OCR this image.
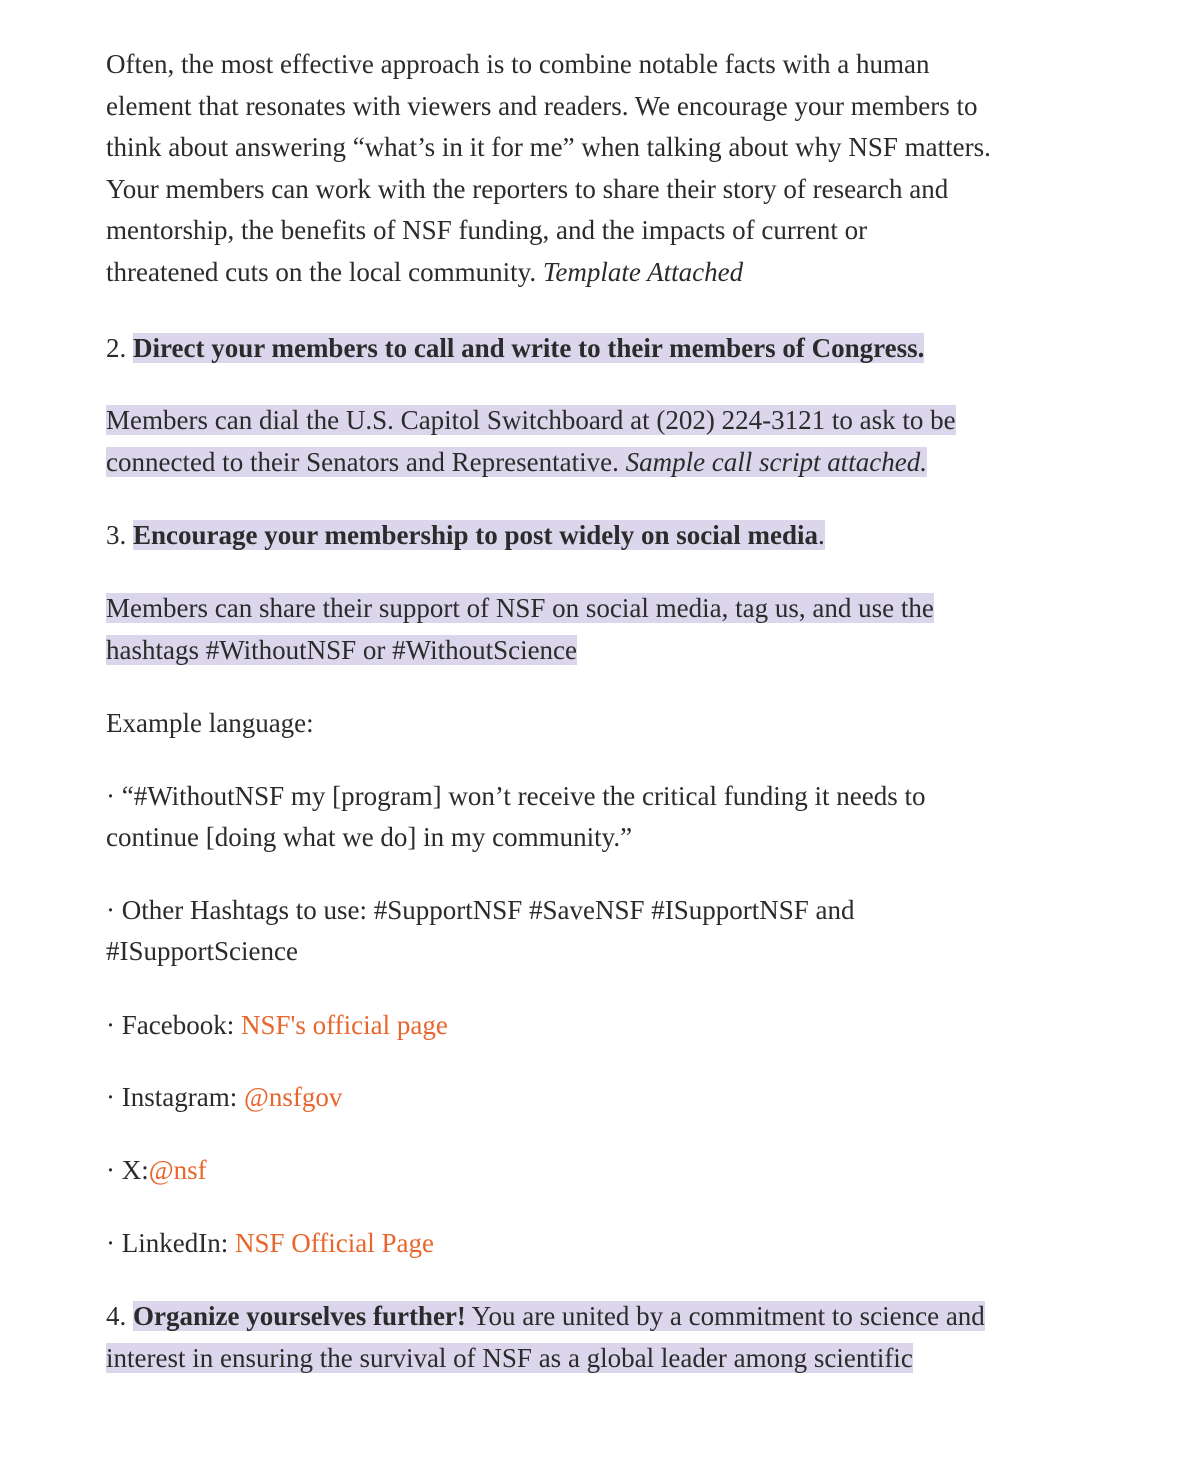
Often, the most effective approach is to combine notable facts with a human
element that resonates with viewers and readers. We encourage your members to
think about answering “what’s in it for me” when talking about why NSF matters.
Your members can work with the reporters to share their story of research and
mentorship, the benefits of NSF funding, and the impacts of current or
threatened cuts on the local community. Template Attached
2. Direct your members to call and write to their members of Congress.
Members can dial the U.S. Capitol Switchboard at (202) 224-3121 to ask to be
connected to their Senators and Representative. Sample call script attached.
3. Encourage your membership to post widely on social media.
Members can share their support of NSF on social media, tag us, and use the
hashtags #WithoutNSF or #WithoutScience
Example language:
· “#WithoutNSF my [program] won’t receive the critical funding it needs to
continue [doing what we do] in my community.”
· Other Hashtags to use: #SupportNSF #SaveNSF #ISupportNSF and
#ISupportScience
· Facebook: NSF's official page
· Instagram: @nsfgov
· X:@nsf
· LinkedIn: NSF Official Page
4. Organize yourselves further! You are united by a commitment to science and
interest in ensuring the survival of NSF as a global leader among scientific
